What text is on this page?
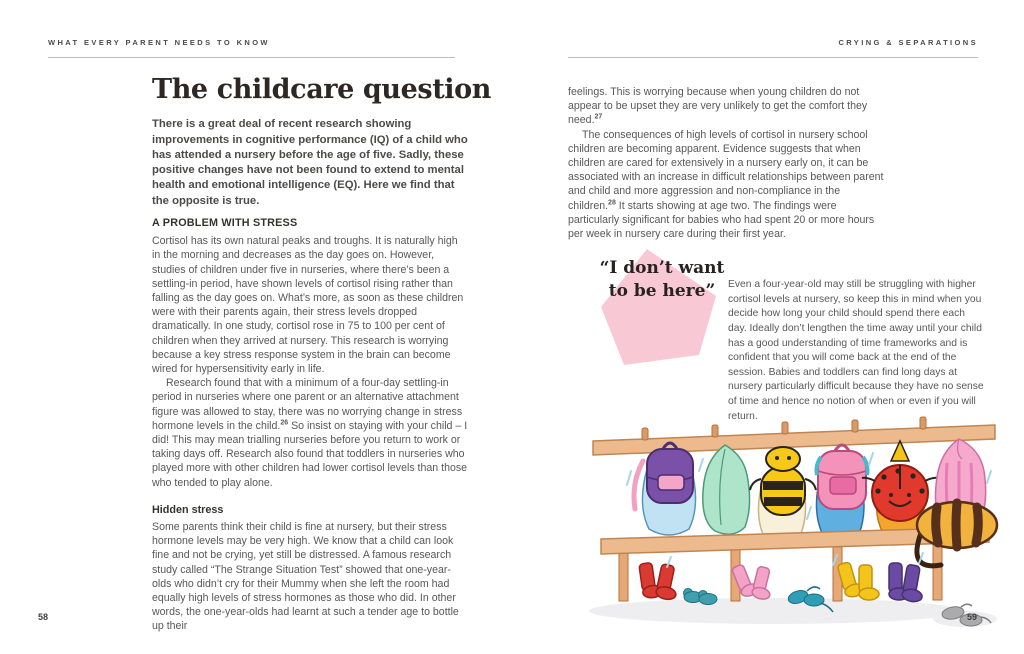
WHAT EVERY PARENT NEEDS TO KNOW	CRYING & SEPARATIONS
The childcare question

There is a great deal of recent research showing improvements in cognitive performance (IQ) of a child who has attended a nursery before the age of five. Sadly, these positive changes have not been found to extend to mental health and emotional intelligence (EQ). Here we find that the opposite is true.

A PROBLEM WITH STRESS

Cortisol has its own natural peaks and troughs. It is naturally high in the morning and decreases as the day goes on. However, studies of children under five in nurseries, where there’s been a settling-in period, have shown levels of cortisol rising rather than falling as the day goes on. What’s more, as soon as these children were with their parents again, their stress levels dropped dramatically. In one study, cortisol rose in 75 to 100 per cent of children when they arrived at nursery. This research is worrying because a key stress response system in the brain can become wired for hypersensitivity early in life.

Research found that with a minimum of a four-day settling-in period in nurseries where one parent or an alternative attachment figure was allowed to stay, there was no worrying change in stress hormone levels in the child.$^{26}$ So insist on staying with your child – I did! This may mean trialling nurseries before you return to work or taking days off. Research also found that toddlers in nurseries who played more with other children had lower cortisol levels than those who tended to play alone.

Hidden stress

Some parents think their child is fine at nursery, but their stress hormone levels may be very high. We know that a child can look fine and not be crying, yet still be distressed. A famous research study called “The Strange Situation Test” showed that one-year-olds who didn’t cry for their Mummy when she left the room had equally high levels of stress hormones as those who did. In other words, the one-year-olds had learnt at such a tender age to bottle up their

58

feelings. This is worrying because when young children do not appear to be upset they are very unlikely to get the comfort they need.$^{27}$

The consequences of high levels of cortisol in nursery school children are becoming apparent. Evidence suggests that when children are cared for extensively in a nursery early on, it can be associated with an increase in difficult relationships between parent and child and more aggression and non-compliance in the children.$^{28}$ It starts showing at age two. The findings were particularly significant for babies who had spent 20 or more hours per week in nursery care during their first year.

“I don’t want
to be here”	Even a four-year-old may still be struggling with higher cortisol levels at nursery, so keep this in mind when you decide how long your child should spend there each day. Ideally don’t lengthen the time away until your child has a good understanding of time frameworks and is confident that you will come back at the end of the session. Babies and toddlers can find long days at nursery particularly difficult because they have no sense of time and hence no notion of when or even if you will return.

59
